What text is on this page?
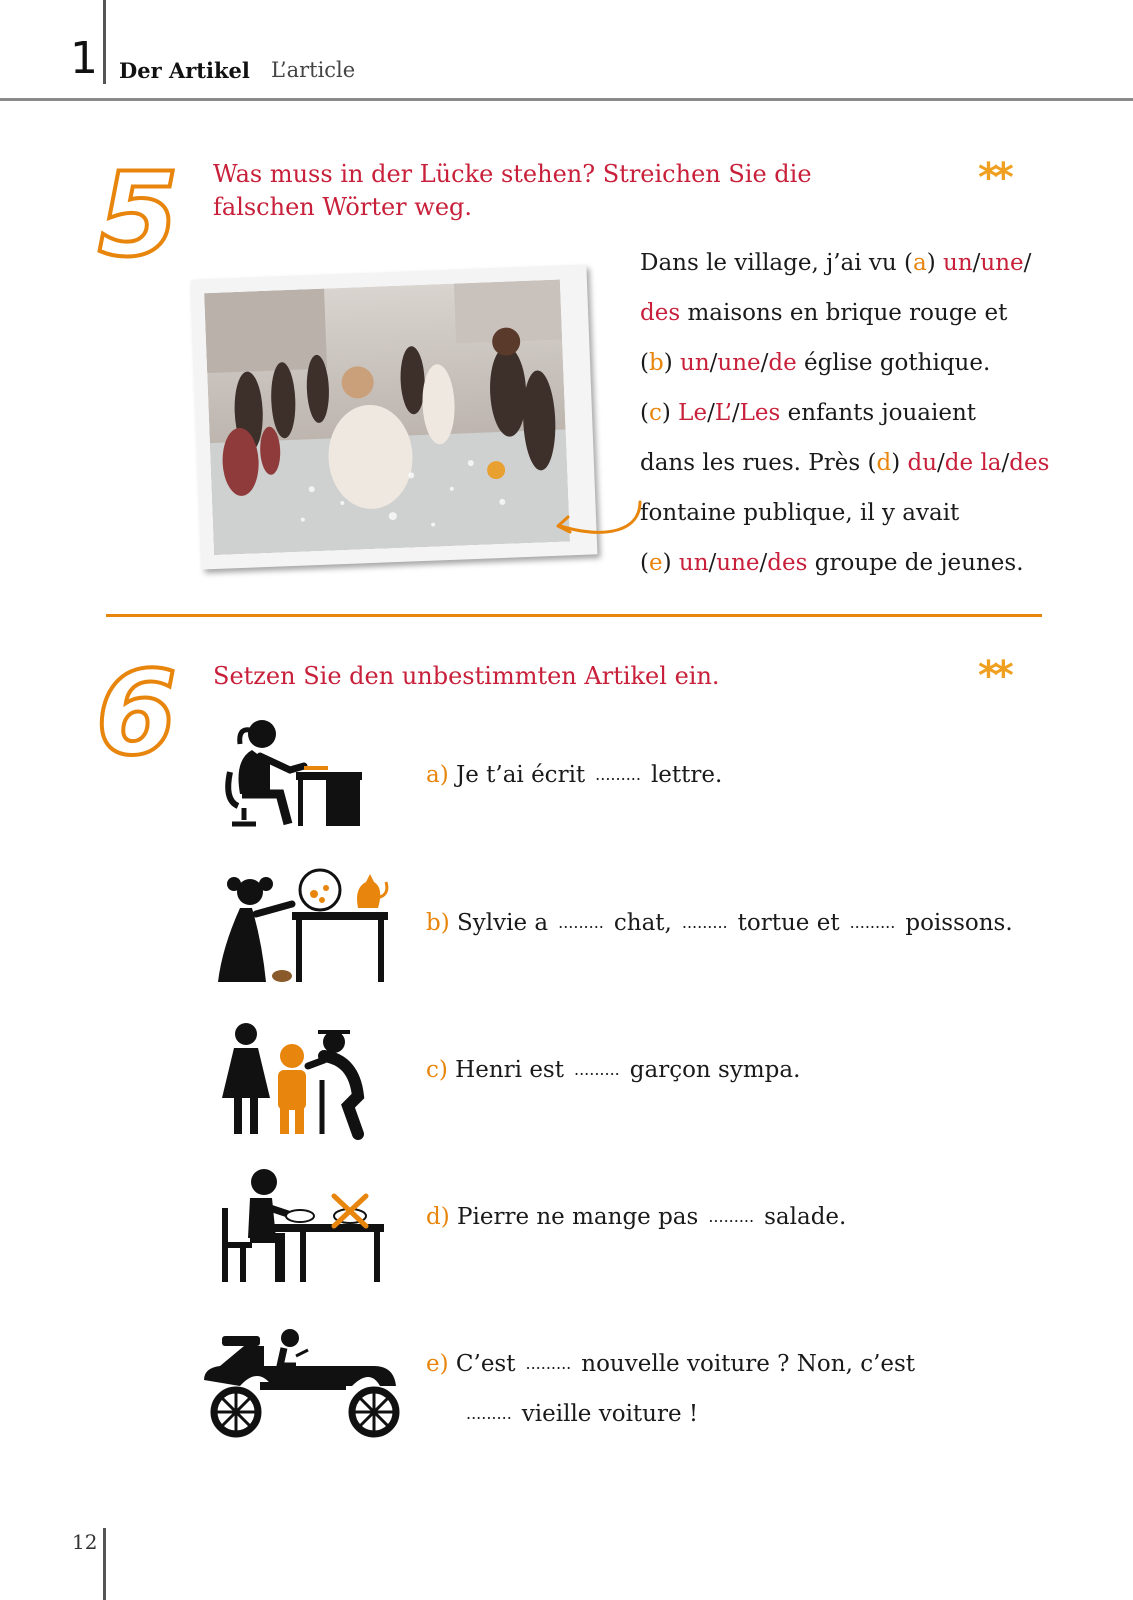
1 Der Artikel L’article
5	**
Was muss in der Lücke stehen? Streichen Sie die falschen Wörter weg.
Dans le village, j’ai vu (a) un/une/
des maisons en brique rouge et
(b) un/une/de église gothique.
(c) Le/L’/Les enfants jouaient
dans les rues. Près (d) du/de la/des
fontaine publique, il y avait
(e) un/une/des groupe de jeunes.
6	**
Setzen Sie den unbestimmten Artikel ein.
a) Je t’ai écrit ......... lettre.
b) Sylvie a ......... chat, ......... tortue et ......... poissons.
c) Henri est ......... garçon sympa.
d) Pierre ne mange pas ......... salade.
e) C’est ......... nouvelle voiture ? Non, c’est
......... vieille voiture !
12
